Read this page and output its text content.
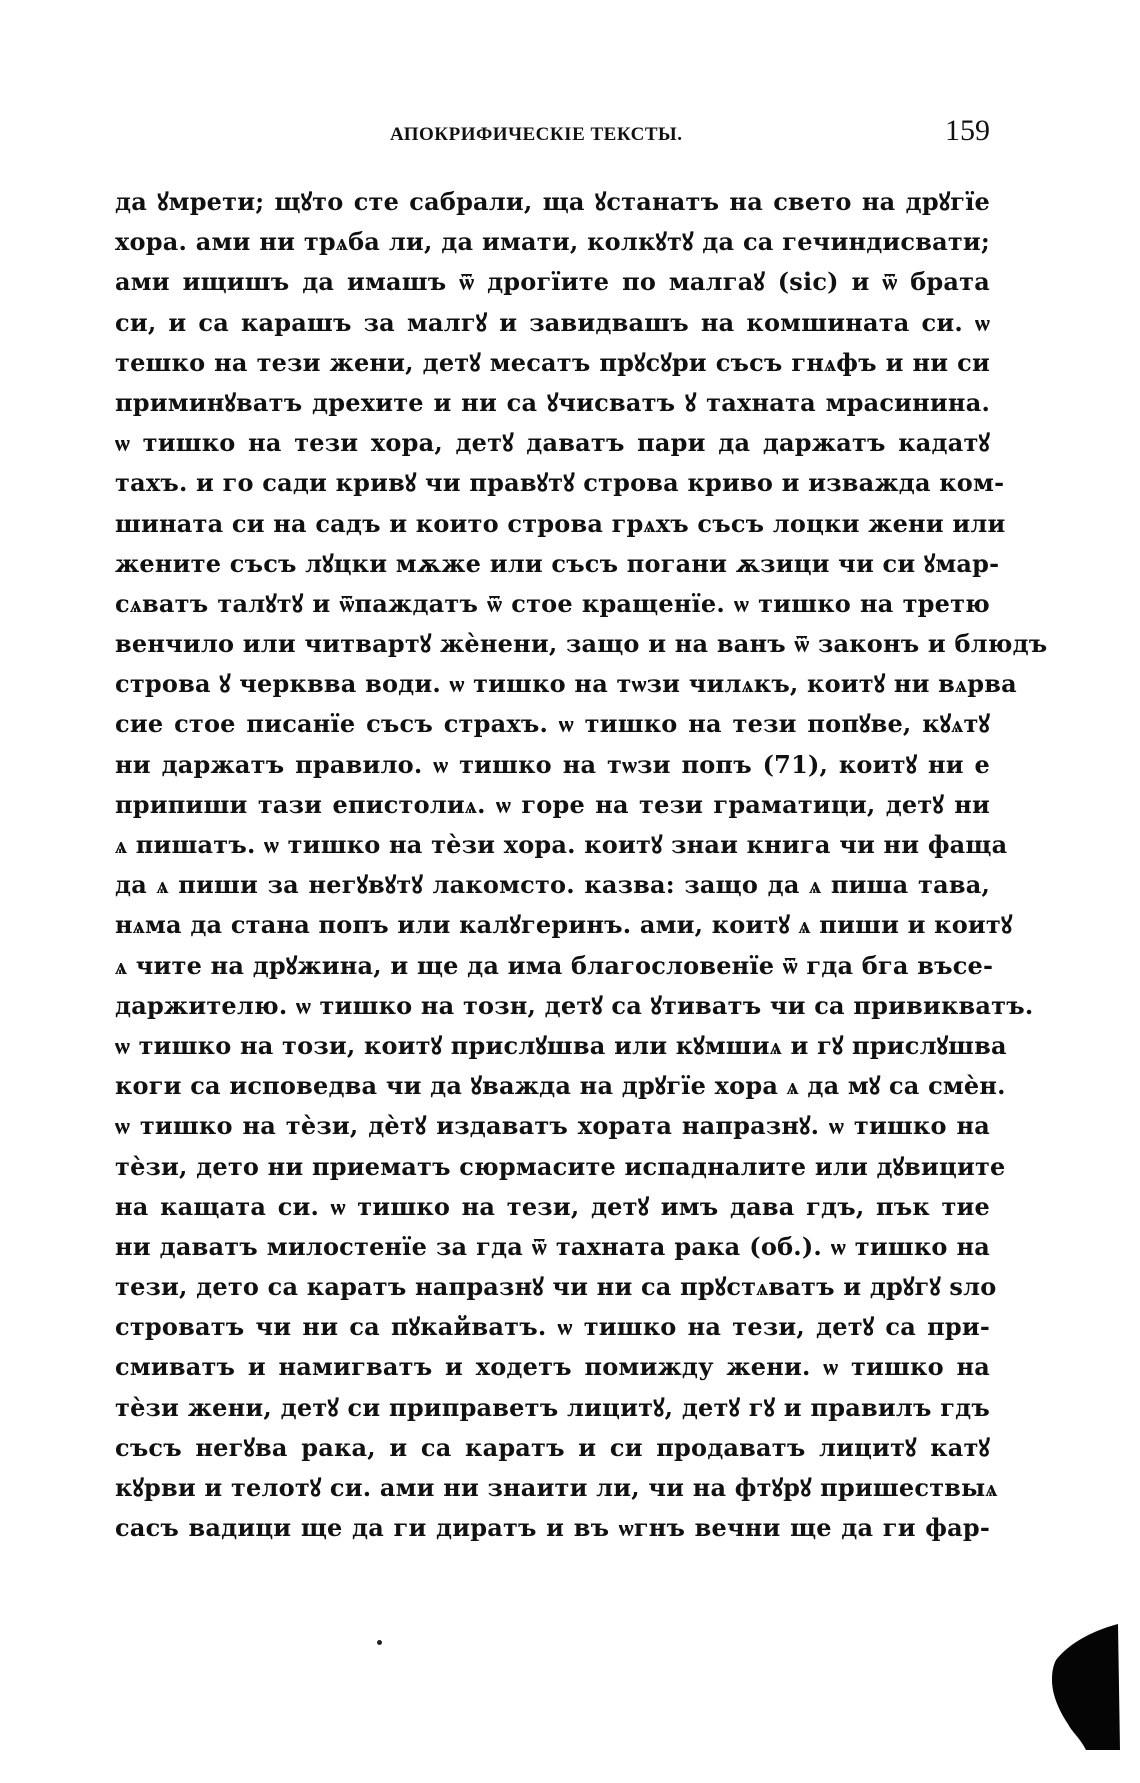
АПОКРИФИЧЕСКІЕ ТЕКСТЫ.	159
да ꙋмрети; щꙋто сте сабрали, ща ꙋстанатъ на свето на дрꙋгїе
хора. ами ни трѧба ли, да имати, колкꙋтꙋ да са гечиндисвати;
ами ищишъ да имашъ ѿ дрогїите по малгаꙋ (sic) и ѿ брата
си, и са карашъ за малгꙋ и завидвашъ на комшината си. ѡ
тешко на тези жени, детꙋ месатъ прꙋсꙋри съсъ гнѧфъ и ни си
приминꙋватъ дрехите и ни са ꙋчисватъ ꙋ тахната мрасинина.
ѡ тишко на тези хора, детꙋ даватъ пари да даржатъ кадатꙋ
тахъ. и го сади кривꙋ чи правꙋтꙋ строва криво и изважда ком-
шината си на садъ и които строва грѧхъ съсъ лоцки жени или
жените съсъ лꙋцки мѫже или съсъ погани ѫзици чи си ꙋмар-
сѧватъ талꙋтꙋ и ѿпаждатъ ѿ стое кращенїе. ѡ тишко на третю
венчило или читвартꙋ жѐнени, защо и на ванъ ѿ законъ и блюдъ
строва ꙋ черквва води. ѡ тишко на тѡзи чилѧкъ, коитꙋ ни вѧрва
сие стое писанїе съсъ страхъ. ѡ тишко на тези попꙋве, кꙋѧтꙋ
ни даржатъ правило. ѡ тишко на тѡзи попъ (71), коитꙋ ни е
припиши тази епистолиѧ. ѡ горе на тези граматици, детꙋ ни
ѧ пишатъ. ѡ тишко на тѐзи хора. коитꙋ знаи книга чи ни фаща
да ѧ пиши за негꙋвꙋтꙋ лакомсто. казва: защо да ѧ пиша тава,
нѧма да стана попъ или калꙋгеринъ. ами, коитꙋ ѧ пиши и коитꙋ
ѧ чите на дрꙋжина, и ще да има благословенїе ѿ гда бга въсе-
даржителю. ѡ тишко на тозн, детꙋ са ꙋтиватъ чи са привикватъ.
ѡ тишко на този, коитꙋ прислꙋшва или кꙋмшиѧ и гꙋ прислꙋшва
коги са исповедва чи да ꙋважда на дрꙋгїе хора ѧ да мꙋ са смѐн.
ѡ тишко на тѐзи, дѐтꙋ издаватъ хората напразнꙋ. ѡ тишко на
тѐзи, дето ни приематъ сюрмасите испадналите или дꙋвиците
на кащата си. ѡ тишко на тези, детꙋ имъ дава гдъ, пък тие
ни даватъ милостенїе за гда ѿ тахната рака (об.). ѡ тишко на
тези, дето са каратъ напразнꙋ чи ни са прꙋстѧватъ и дрꙋгꙋ ѕло
строватъ чи ни са пꙋкайватъ. ѡ тишко на тези, детꙋ са при-
смиватъ и намигватъ и ходетъ помижду жени. ѡ тишко на
тѐзи жени, детꙋ си приправетъ лицитꙋ, детꙋ гꙋ и правилъ гдъ
съсъ негꙋва рака, и са каратъ и си продаватъ лицитꙋ катꙋ
кꙋрви и телотꙋ си. ами ни знаити ли, чи на фтꙋрꙋ пришествыѧ
сасъ вадици ще да ги диратъ и въ ѡгнъ вечни ще да ги фар-
